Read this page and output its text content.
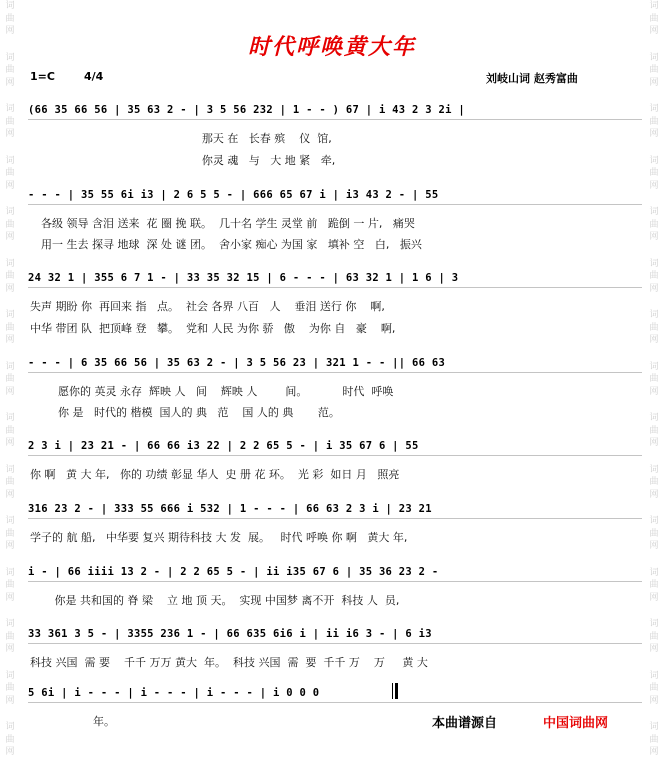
词
曲
网
词
曲
网
词
曲
网
词
曲
网
词
曲
网
词
曲
网
词
曲
网
词
曲
网
词
曲
网
词
曲
网
词
曲
网
词
曲
网
词
曲
网
词
曲
网
词
曲
网
词
曲
网
词
曲
网
词
曲
网
词
曲
网
词
曲
网
词
曲
网
词
曲
网
词
曲
网
词
曲
网
词
曲
网
词
曲
网
词
曲
网
词
曲
网
词
曲
网
词
曲
网
时代呼唤黄大年
1=C	4/4	刘岐山词 赵秀富曲
(66 35 66 56 | 35 63 2 - | 3 5 56 232 | 1 - - ) 67 | i 43 2 3 2i |
那天 在   长春 殡    仪  馆,
你灵 魂   与   大 地 紧   牵,
- - - | 35 55 6i i3 | 2 6 5 5 - | 666 65 67 i | i3 43 2 - | 55
各级 领导 含泪 送来  花 圈 挽 联。  几十名 学生 灵堂 前   跪倒 一 片,   痛哭
用一 生去 探寻 地球  深 处 谜 团。  舍小家 痴心 为国 家   填补 空   白,   振兴
24 32 1 | 355 6 7 1 - | 33 35 32 15 | 6 - - - | 63 32 1 | 1 6 | 3
失声 期盼 你  再回来 指   点。  社会 各界 八百   人    垂泪 送行 你    啊,
中华 带团 队  把顶峰 登   攀。  党和 人民 为你 骄   傲    为你 自   豪    啊,
- - - | 6 35 66 56 | 35 63 2 - | 3 5 56 23 | 321 1 - - || 66 63
愿你的 英灵 永存  辉映 人   间    辉映 人        间。          时代  呼唤
你 是   时代的 楷模  国人的 典   范    国 人的 典       范。
2 3 i | 23 21 - | 66 66 i3 22 | 2 2 65 5 - | i 35 67 6 | 55
你 啊   黄 大 年,   你的 功绩 彰显 华人  史 册 花 环。  光 彩  如日 月   照亮
316 23 2 - | 333 55 666 i 532 | 1 - - - | 66 63 2 3 i | 23 21
学子的 航 船,   中华要 复兴 期待科技 大 发  展。   时代 呼唤 你 啊   黄大 年,
i - | 66 iiii 13 2 - | 2 2 65 5 - | ii i35 67 6 | 35 36 23 2 -
你是 共和国的 脊 梁    立 地 顶 天。  实现 中国梦 离不开  科技 人  员,
33 361 3 5 - | 3355 236 1 - | 66 635 6i6 i | ii i6 3 - | 6 i3
科技 兴国  需 要    千千 万万 黄大  年。  科技 兴国  需  要  千千 万    万     黄 大
5 6i | i - - - | i - - - | i - - - | i 0 0 0
年。	本曲谱源自	中国词曲网
